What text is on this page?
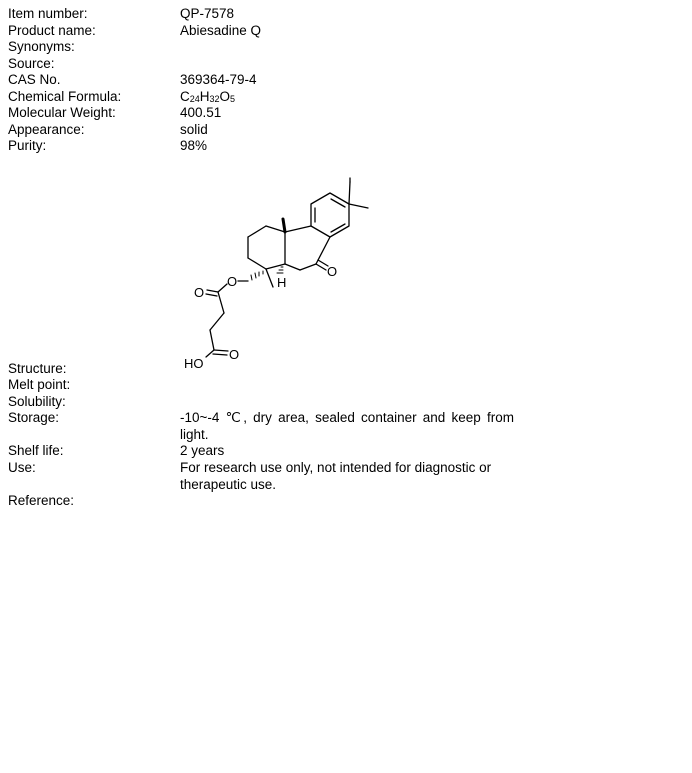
Item number:
Product name:
Synonyms:
Source:
CAS No.
Chemical Formula:
Molecular Weight:
Appearance:
Purity:
Structure:
Melt point:
Solubility:
Storage:
Shelf life:
Use:
Reference:
QP-7578
Abiesadine Q
369364-79-4
$C_{24}H_{32}O_5$
400.51
solid
98%
-10~-4 ℃, dry area, sealed container and keep from light.
2 years
For research use only, not intended for diagnostic or therapeutic use.
O
O
O
O
HO
H
